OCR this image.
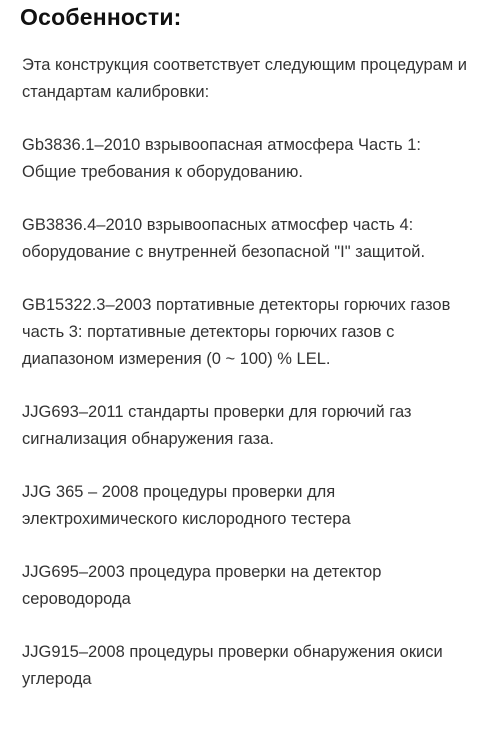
Особенности:

Эта конструкция соответствует следующим процедурам и стандартам калибровки:

Gb3836.1–2010 взрывоопасная атмосфера Часть 1: Общие требования к оборудованию.

GB3836.4–2010 взрывоопасных атмосфер часть 4: оборудование с внутренней безопасной "I" защитой.

GB15322.3–2003 портативные детекторы горючих газов часть 3: портативные детекторы горючих газов с диапазоном измерения (0 ~ 100) % LEL.

JJG693–2011 стандарты проверки для горючий газ сигнализация обнаружения газа.

JJG 365 – 2008 процедуры проверки для электрохимического кислородного тестера

JJG695–2003 процедура проверки на детектор сероводорода

JJG915–2008 процедуры проверки обнаружения окиси углерода
